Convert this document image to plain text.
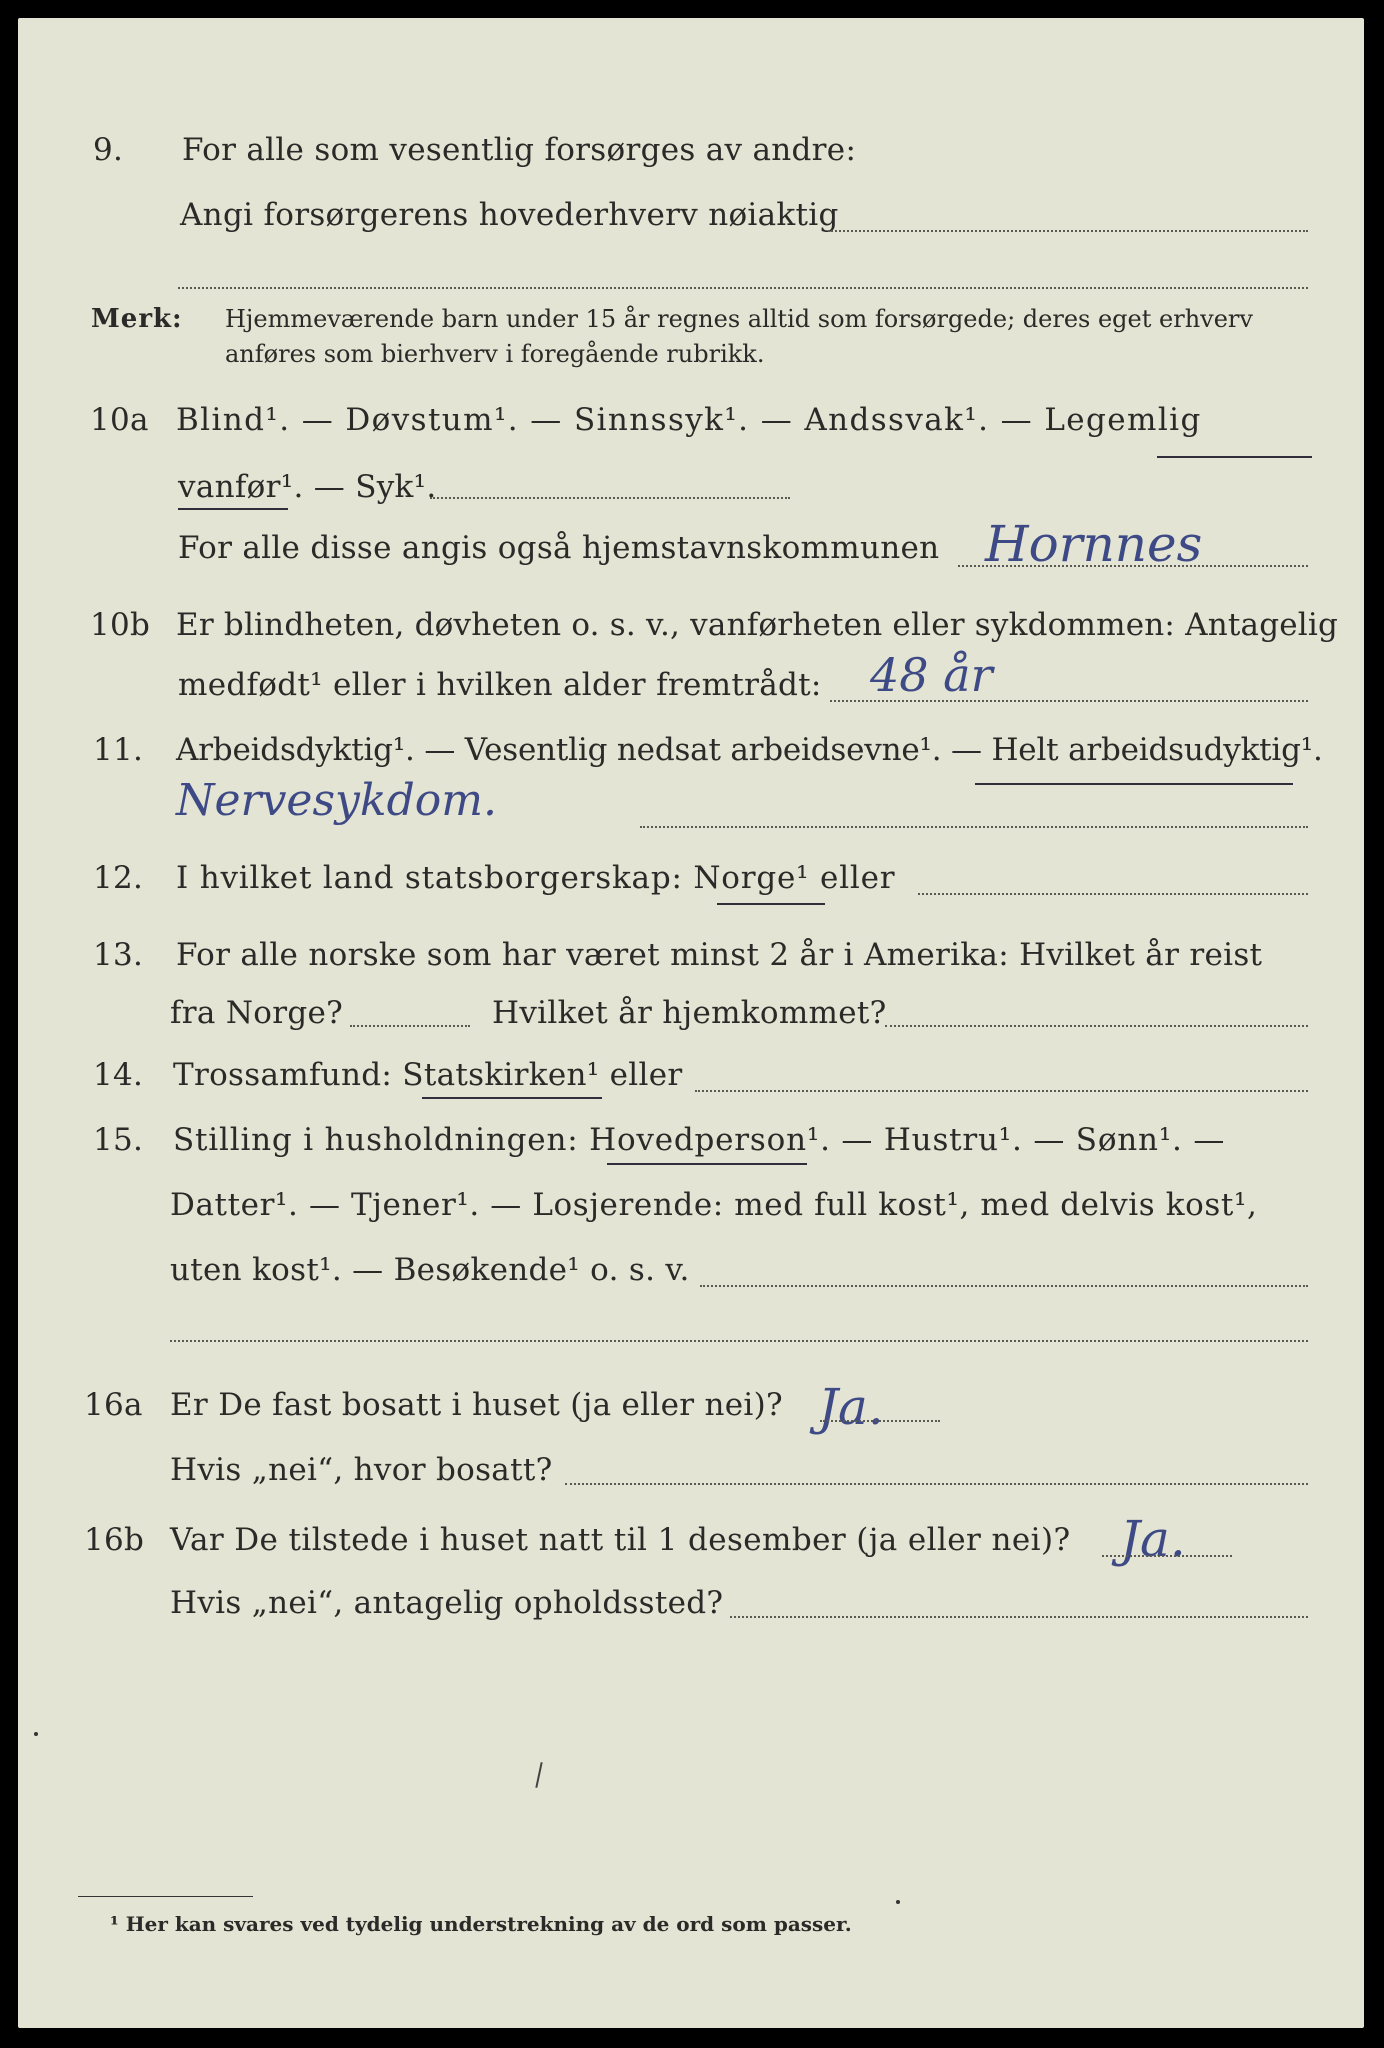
9. For alle som vesentlig forsørges av andre:
Angi forsørgerens hovederhverv nøiaktig
Merk: Hjemmeværende barn under 15 år regnes alltid som forsørgede; deres eget erhverv
anføres som bierhverv i foregående rubrikk.
10a Blind¹. — Døvstum¹. — Sinnssyk¹. — Andssvak¹. — Legemlig
vanfør¹. — Syk¹.
For alle disse angis også hjemstavnskommunen Hornnes
10b Er blindheten, døvheten o. s. v., vanførheten eller sykdommen: Antagelig
medfødt¹ eller i hvilken alder fremtrådt: 48 år
11. Arbeidsdyktig¹. — Vesentlig nedsat arbeidsevne¹. — Helt arbeidsudyktig¹.
Nervesykdom.
12. I hvilket land statsborgerskap: Norge¹ eller
13. For alle norske som har været minst 2 år i Amerika: Hvilket år reist
fra Norge?	Hvilket år hjemkommet?
14. Trossamfund: Statskirken¹ eller
15. Stilling i husholdningen: Hovedperson¹. — Hustru¹. — Sønn¹. —
Datter¹. — Tjener¹. — Losjerende: med full kost¹, med delvis kost¹,
uten kost¹. — Besøkende¹ o. s. v.
16a Er De fast bosatt i huset (ja eller nei)? Ja.
Hvis „nei“, hvor bosatt?
16b Var De tilstede i huset natt til 1 desember (ja eller nei)? Ja.
Hvis „nei“, antagelig opholdssted?
¹ Her kan svares ved tydelig understrekning av de ord som passer.
